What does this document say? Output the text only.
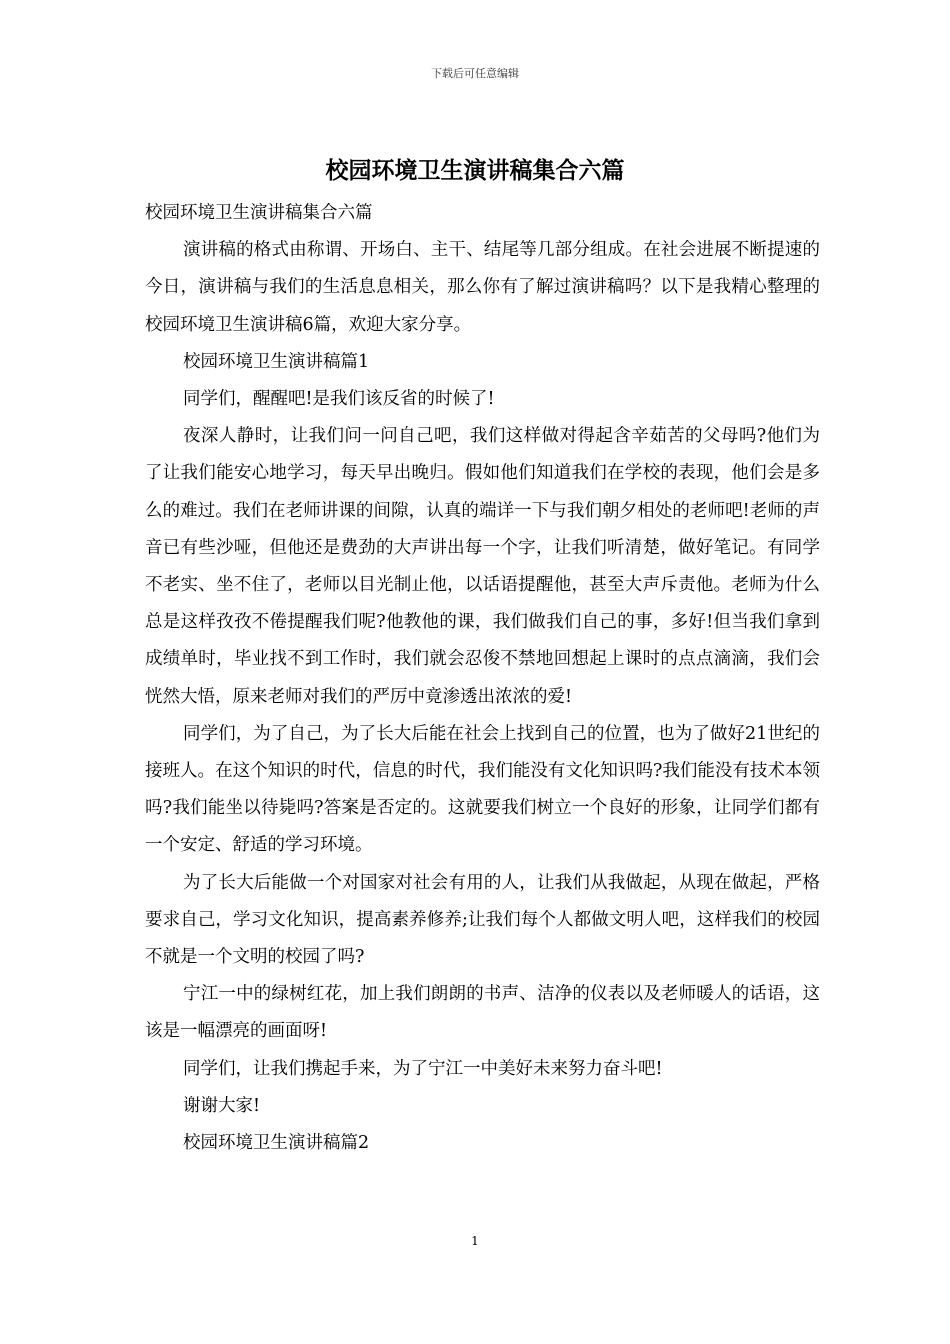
下载后可任意编辑
校园环境卫生演讲稿集合六篇

校园环境卫生演讲稿集合六篇

演讲稿的格式由称谓、开场白、主干、结尾等几部分组成。在社会进展不断提速的今日，演讲稿与我们的生活息息相关，那么你有了解过演讲稿吗？以下是我精心整理的校园环境卫生演讲稿6篇，欢迎大家分享。

校园环境卫生演讲稿篇1

同学们，醒醒吧!是我们该反省的时候了!

夜深人静时，让我们问一问自己吧，我们这样做对得起含辛茹苦的父母吗?他们为了让我们能安心地学习，每天早出晚归。假如他们知道我们在学校的表现，他们会是多么的难过。我们在老师讲课的间隙，认真的端详一下与我们朝夕相处的老师吧!老师的声音已有些沙哑，但他还是费劲的大声讲出每一个字，让我们听清楚，做好笔记。有同学不老实、坐不住了，老师以目光制止他，以话语提醒他，甚至大声斥责他。老师为什么总是这样孜孜不倦提醒我们呢?他教他的课，我们做我们自己的事，多好!但当我们拿到成绩单时，毕业找不到工作时，我们就会忍俊不禁地回想起上课时的点点滴滴，我们会恍然大悟，原来老师对我们的严厉中竟渗透出浓浓的爱!

同学们，为了自己，为了长大后能在社会上找到自己的位置，也为了做好21世纪的接班人。在这个知识的时代，信息的时代，我们能没有文化知识吗?我们能没有技术本领吗?我们能坐以待毙吗?答案是否定的。这就要我们树立一个良好的形象，让同学们都有一个安定、舒适的学习环境。

为了长大后能做一个对国家对社会有用的人，让我们从我做起，从现在做起，严格要求自己，学习文化知识，提高素养修养;让我们每个人都做文明人吧，这样我们的校园不就是一个文明的校园了吗?

宁江一中的绿树红花，加上我们朗朗的书声、洁净的仪表以及老师暖人的话语，这该是一幅漂亮的画面呀!

同学们，让我们携起手来，为了宁江一中美好未来努力奋斗吧!

谢谢大家!

校园环境卫生演讲稿篇2

1
